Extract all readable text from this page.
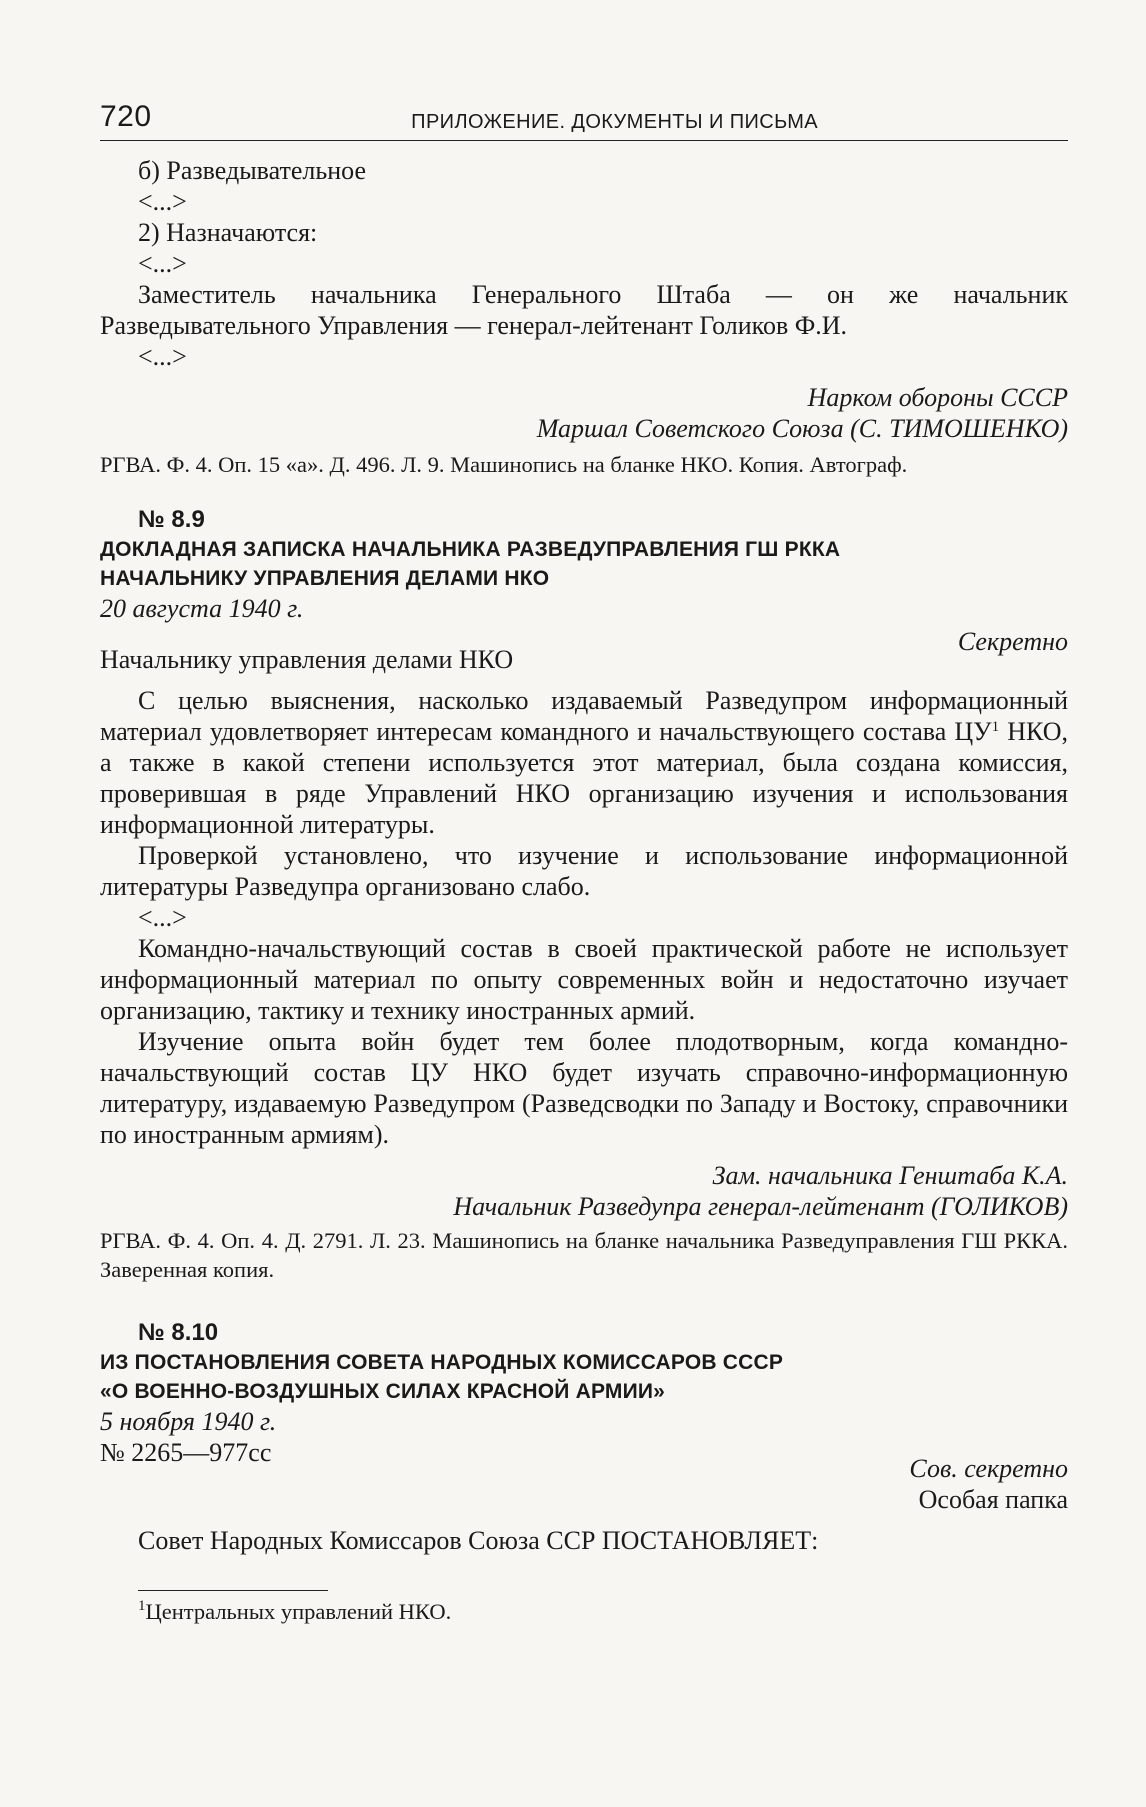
720	ПРИЛОЖЕНИЕ. ДОКУМЕНТЫ И ПИСЬМА

б) Разведывательное

<...>

2) Назначаются:

<...>

Заместитель начальника Генерального Штаба — он же начальник Разведывательного Управления — генерал-лейтенант Голиков Ф.И.

<...>

Нарком обороны СССР

Маршал Советского Союза (С. ТИМОШЕНКО)

РГВА. Ф. 4. Оп. 15 «а». Д. 496. Л. 9. Машинопись на бланке НКО. Копия. Автограф.

№ 8.9
ДОКЛАДНАЯ ЗАПИСКА НАЧАЛЬНИКА РАЗВЕДУПРАВЛЕНИЯ ГШ РККА
НАЧАЛЬНИКУ УПРАВЛЕНИЯ ДЕЛАМИ НКО

20 августа 1940 г.

Начальнику управления делами НКО

Секретно

С целью выяснения, насколько издаваемый Разведупром информационный материал удовлетворяет интересам командного и начальствующего состава $ЦУ^1$ НКО, а также в какой степени используется этот материал, была создана комиссия, проверившая в ряде Управлений НКО организацию изучения и использования информационной литературы.

Проверкой установлено, что изучение и использование информационной литературы Разведупра организовано слабо.

<...>

Командно-начальствующий состав в своей практической работе не использует информационный материал по опыту современных войн и недостаточно изучает организацию, тактику и технику иностранных армий.

Изучение опыта войн будет тем более плодотворным, когда командно-начальствующий состав ЦУ НКО будет изучать справочно-информационную литературу, издаваемую Разведупром (Разведсводки по Западу и Востоку, справочники по иностранным армиям).

Зам. начальника Генштаба К.А.

Начальник Разведупра генерал-лейтенант (ГОЛИКОВ)

РГВА. Ф. 4. Оп. 4. Д. 2791. Л. 23. Машинопись на бланке начальника Разведуправления ГШ РККА. Заверенная копия.

№ 8.10
ИЗ ПОСТАНОВЛЕНИЯ СОВЕТА НАРОДНЫХ КОМИССАРОВ СССР
«О ВОЕННО-ВОЗДУШНЫХ СИЛАХ КРАСНОЙ АРМИИ»

5 ноября 1940 г.

№ 2265—977сс

Сов. секретно

Особая папка

Совет Народных Комиссаров Союза ССР ПОСТАНОВЛЯЕТ:

$^1$Центральных управлений НКО.
